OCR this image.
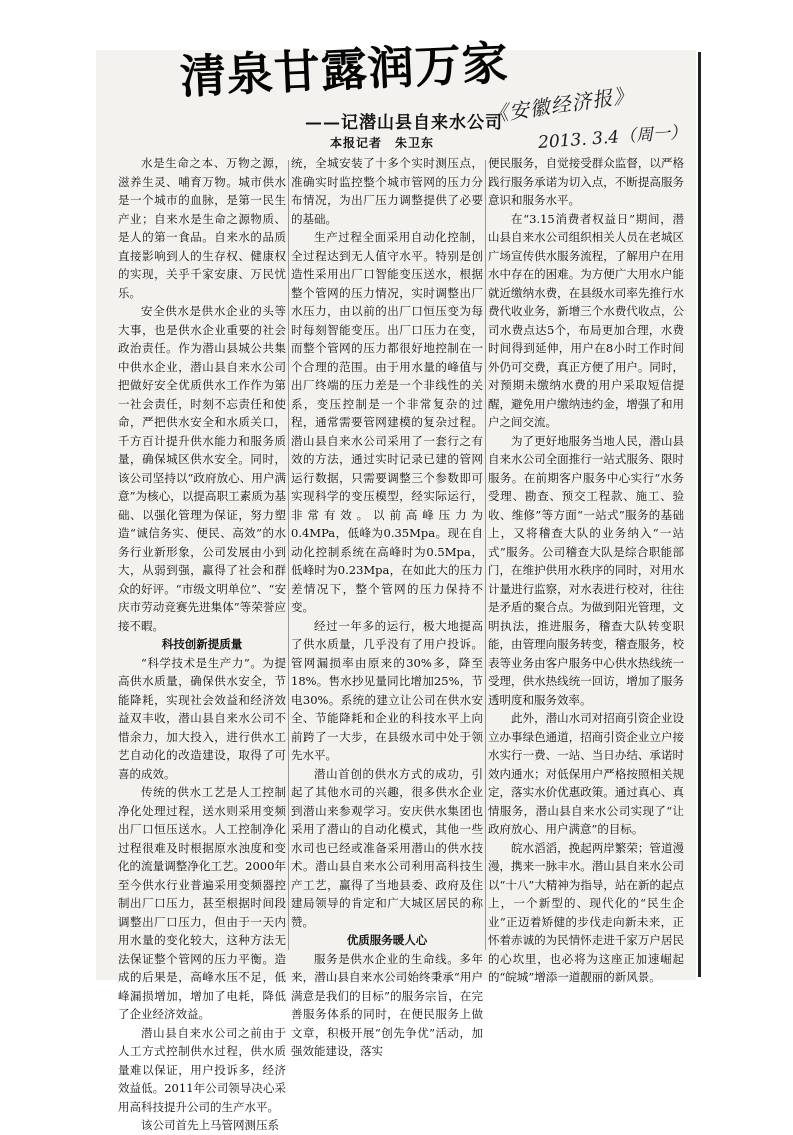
清泉甘露润万家
——记潜山县自来水公司
本报记者　朱卫东
《安徽经济报》
2013. 3.4（周一）

水是生命之本、万物之源，滋养生灵、哺育万物。城市供水是一个城市的血脉，是第一民生产业；自来水是生命之源物质、是人的第一食品。自来水的品质直接影响到人的生存权、健康权的实现，关乎千家安康、万民忧乐。

安全供水是供水企业的头等大事，也是供水企业重要的社会政治责任。作为潜山县城公共集中供水企业，潜山县自来水公司把做好安全优质供水工作作为第一社会责任，时刻不忘责任和使命，严把供水安全和水质关口，千方百计提升供水能力和服务质量，确保城区供水安全。同时，该公司坚持以“政府放心、用户满意”为核心，以提高职工素质为基础、以强化管理为保证，努力塑造“诚信务实、便民、高效”的水务行业新形象，公司发展由小到大，从弱到强，赢得了社会和群众的好评。“市级文明单位”、“安庆市劳动竞赛先进集体”等荣誉应接不暇。

科技创新提质量

“科学技术是生产力”。为提高供水质量，确保供水安全，节能降耗，实现社会效益和经济效益双丰收，潜山县自来水公司不惜余力，加大投入，进行供水工艺自动化的改造建设，取得了可喜的成效。

传统的供水工艺是人工控制净化处理过程，送水则采用变频出厂口恒压送水。人工控制净化过程很难及时根据原水浊度和变化的流量调整净化工艺。2000年至今供水行业普遍采用变频器控制出厂口压力，甚至根据时间段调整出厂口压力，但由于一天内用水量的变化较大，这种方法无法保证整个管网的压力平衡。造成的后果是，高峰水压不足，低峰漏损增加，增加了电耗，降低了企业经济效益。

潜山县自来水公司之前由于人工方式控制供水过程，供水质量难以保证，用户投诉多，经济效益低。2011年公司领导决心采用高科技提升公司的生产水平。

该公司首先上马管网测压系

统，全城安装了十多个实时测压点，准确实时监控整个城市管网的压力分布情况，为出厂压力调整提供了必要的基础。

生产过程全面采用自动化控制，全过程达到无人值守水平。特别是创造性采用出厂口智能变压送水，根据整个管网的压力情况，实时调整出厂水压力，由以前的出厂口恒压变为每时每刻智能变压。出厂口压力在变，而整个管网的压力都很好地控制在一个合理的范围。由于用水量的峰值与出厂终端的压力差是一个非线性的关系，变压控制是一个非常复杂的过程，通常需要管网建模的复杂过程。潜山县自来水公司采用了一套行之有效的方法，通过实时记录已建的管网运行数据，只需要调整三个参数即可实现科学的变压模型，经实际运行，非常有效。以前高峰压力为0.4MPa，低峰为0.35Mpa。现在自动化控制系统在高峰时为0.5Mpa，低峰时为0.23Mpa，在如此大的压力差情况下，整个管网的压力保持不变。

经过一年多的运行，极大地提高了供水质量，几乎没有了用户投诉。管网漏损率由原来的30%多，降至18%。售水抄见量同比增加25%，节电30%。系统的建立让公司在供水安全、节能降耗和企业的科技水平上向前跨了一大步，在县级水司中处于领先水平。

潜山首创的供水方式的成功，引起了其他水司的兴趣，很多供水企业到潜山来参观学习。安庆供水集团也采用了潜山的自动化模式，其他一些水司也已经或准备采用潜山的供水技术。潜山县自来水公司利用高科技生产工艺，赢得了当地县委、政府及住建局领导的肯定和广大城区居民的称赞。

优质服务暖人心

服务是供水企业的生命线。多年来，潜山县自来水公司始终秉承“用户满意是我们的目标”的服务宗旨，在完善服务体系的同时，在便民服务上做文章，积极开展“创先争优”活动，加强效能建设，落实

便民服务，自觉接受群众监督，以严格践行服务承诺为切入点，不断提高服务意识和服务水平。

在“3.15消费者权益日”期间，潜山县自来水公司组织相关人员在老城区广场宣传供水服务流程，了解用户在用水中存在的困难。为方便广大用水户能就近缴纳水费，在县级水司率先推行水费代收业务，新增三个水费代收点，公司水费点达5个，布局更加合理，水费时间得到延伸，用户在8小时工作时间外仍可交费，真正方便了用户。同时，对预期未缴纳水费的用户采取短信提醒，避免用户缴纳违约金，增强了和用户之间交流。

为了更好地服务当地人民，潜山县自来水公司全面推行一站式服务、限时服务。在前期客户服务中心实行“水务受理、勘查、预交工程款、施工、验收、维修”等方面“一站式”服务的基础上，又将稽查大队的业务纳入“一站式”服务。公司稽查大队是综合职能部门，在维护供用水秩序的同时，对用水计量进行监察，对水表进行校对，往往是矛盾的聚合点。为做到阳光管理，文明执法，推进服务，稽查大队转变职能，由管理向服务转变，稽查服务，校表等业务由客户服务中心供水热线统一受理，供水热线统一回访，增加了服务透明度和服务效率。

此外，潜山水司对招商引资企业设立办事绿色通道，招商引资企业立户接水实行一费、一站、当日办结、承诺时效内通水；对低保用户严格按照相关规定，落实水价优惠政策。通过真心、真情服务，潜山县自来水公司实现了“让政府放心、用户满意”的目标。

皖水滔滔，挽起两岸繁荣；管道漫漫，携来一脉丰水。潜山县自来水公司以“十八”大精神为指导，站在新的起点上，一个新型的、现代化的“民生企业”正迈着矫健的步伐走向新未来，正怀着赤诚的为民情怀走进千家万户居民的心坎里，也必将为这座正加速崛起的“皖城”增添一道靓丽的新风景。
